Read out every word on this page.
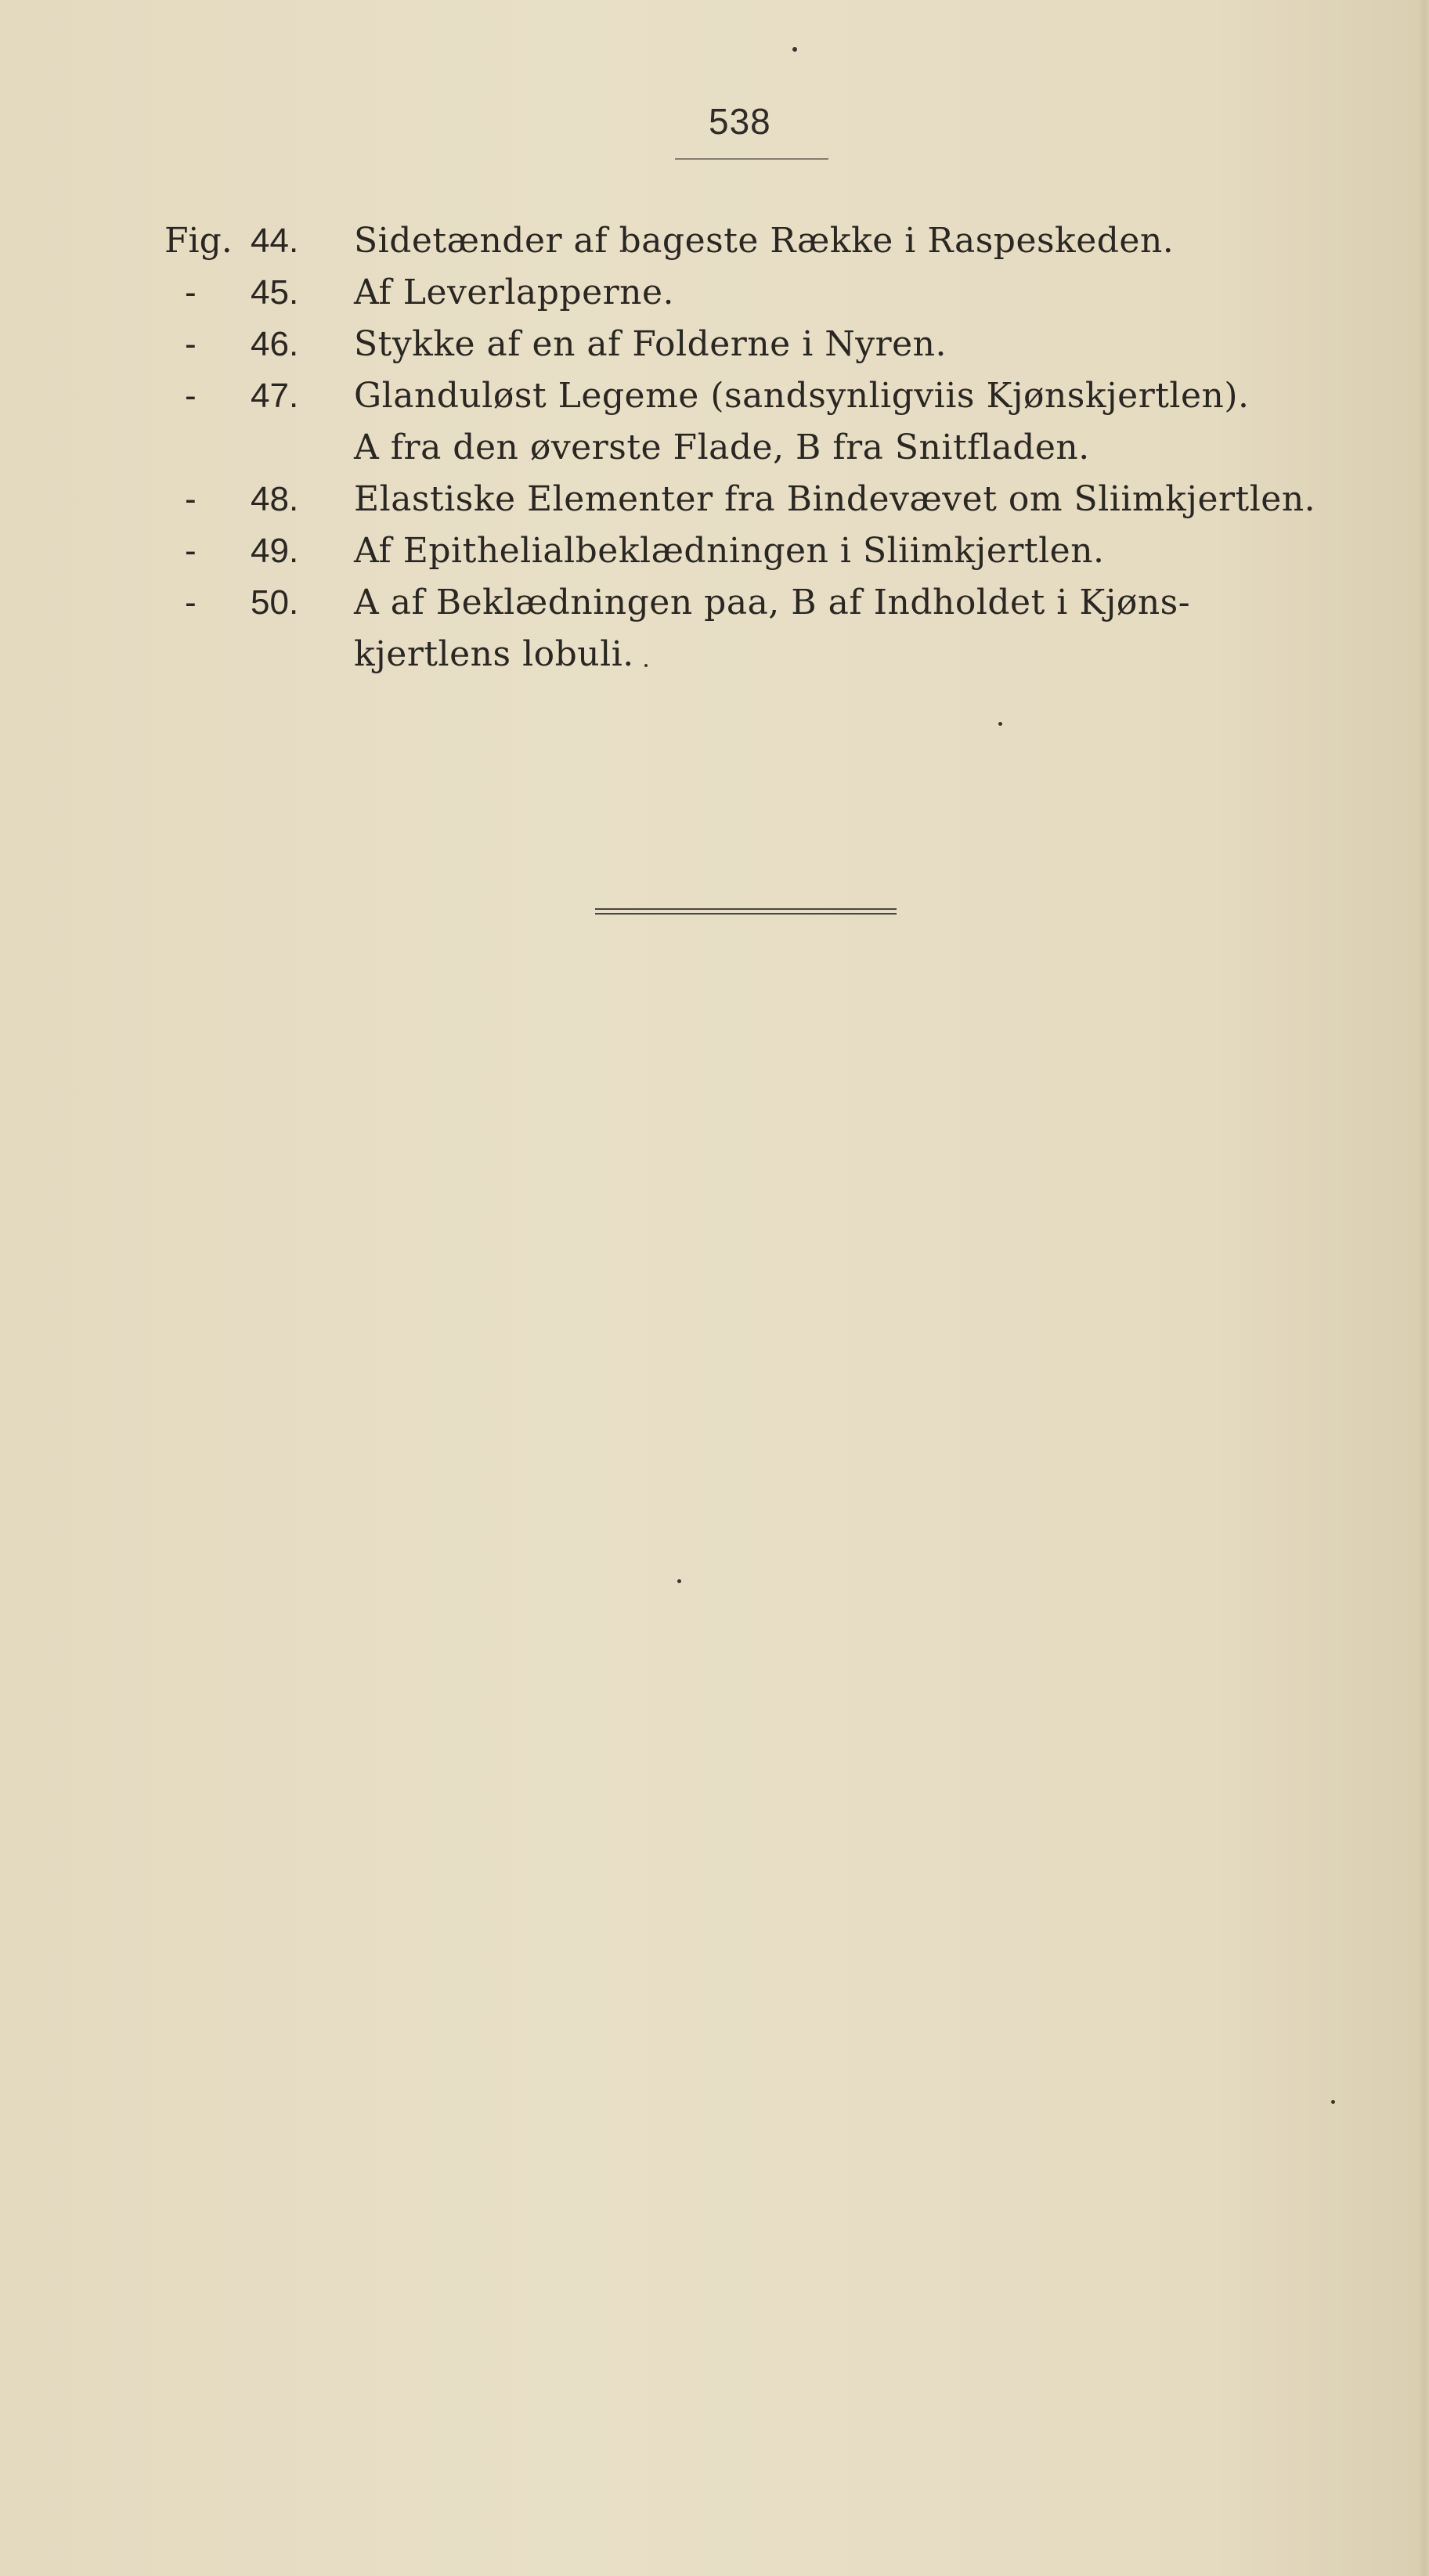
538
Fig. 44. Sidetænder af bageste Række i Raspeskeden.
- 45. Af Leverlapperne.
- 46. Stykke af en af Folderne i Nyren.
- 47. Glanduløst Legeme (sandsynligviis Kjønskjertlen).
A fra den øverste Flade, B fra Snitfladen.
- 48. Elastiske Elementer fra Bindevævet om Sliimkjertlen.
- 49. Af Epithelialbeklædningen i Sliimkjertlen.
- 50. A af Beklædningen paa, B af Indholdet i Kjøns-
kjertlens lobuli.
